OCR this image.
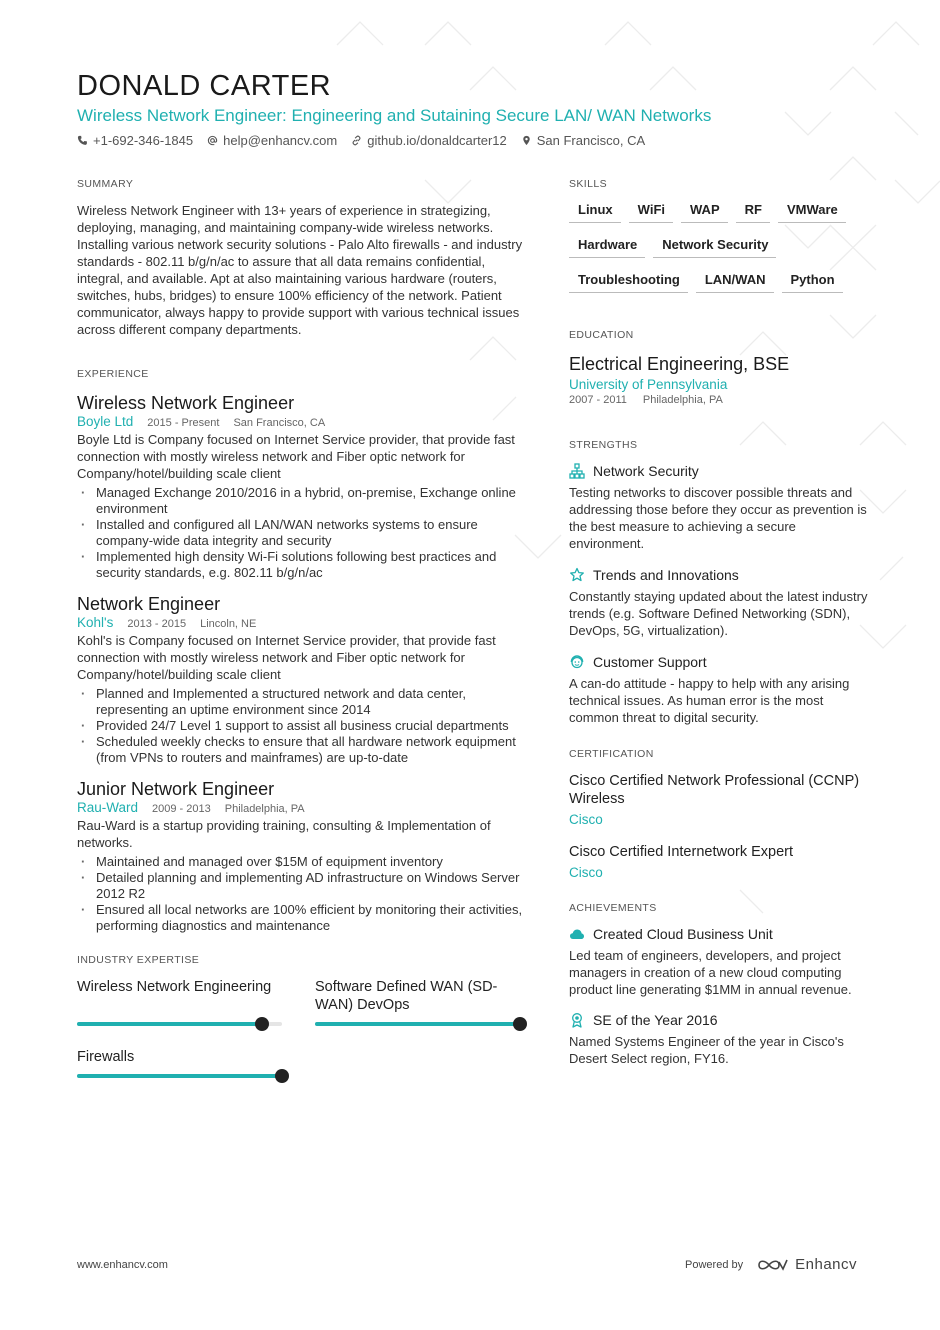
DONALD CARTER
Wireless Network Engineer: Engineering and Sutaining Secure LAN/ WAN Networks
+1-692-346-1845 help@enhancv.com github.io/donaldcarter12 San Francisco, CA
SUMMARY
Wireless Network Engineer with 13+ years of experience in strategizing, deploying, managing, and maintaining company-wide wireless networks. Installing various network security solutions - Palo Alto firewalls - and industry standards - 802.11 b/g/n/ac to assure that all data remains confidential, integral, and available. Apt at also maintaining various hardware (routers, switches, hubs, bridges) to ensure 100% efficiency of the network. Patient communicator, always happy to provide support with various technical issues across different company departments.
EXPERIENCE
Wireless Network Engineer
Boyle Ltd 2015 - Present San Francisco, CA
Boyle Ltd is Company focused on Internet Service provider, that provide fast connection with mostly wireless network and Fiber optic network for Company/hotel/building scale client
· Managed Exchange 2010/2016 in a hybrid, on-premise, Exchange online environment
· Installed and configured all LAN/WAN networks systems to ensure company-wide data integrity and security
· Implemented high density Wi-Fi solutions following best practices and security standards, e.g. 802.11 b/g/n/ac
Network Engineer
Kohl's 2013 - 2015 Lincoln, NE
Kohl's is Company focused on Internet Service provider, that provide fast connection with mostly wireless network and Fiber optic network for Company/hotel/building scale client
· Planned and Implemented a structured network and data center, representing an uptime environment since 2014
· Provided 24/7 Level 1 support to assist all business crucial departments
· Scheduled weekly checks to ensure that all hardware network equipment (from VPNs to routers and mainframes) are up-to-date
Junior Network Engineer
Rau-Ward 2009 - 2013 Philadelphia, PA
Rau-Ward is a startup providing training, consulting & Implementation of networks.
· Maintained and managed over $15M of equipment inventory
· Detailed planning and implementing AD infrastructure on Windows Server 2012 R2
· Ensured all local networks are 100% efficient by monitoring their activities, performing diagnostics and maintenance
INDUSTRY EXPERTISE
Wireless Network Engineering	Software Defined WAN (SD-WAN) DevOps
Firewalls
SKILLS
Linux	WiFi	WAP	RF	VMWare
Hardware	Network Security
Troubleshooting	LAN/WAN	Python
EDUCATION
Electrical Engineering, BSE
University of Pennsylvania
2007 - 2011 Philadelphia, PA
STRENGTHS
Network Security
Testing networks to discover possible threats and addressing those before they occur as prevention is the best measure to achieving a secure environment.
Trends and Innovations
Constantly staying updated about the latest industry trends (e.g. Software Defined Networking (SDN), DevOps, 5G, virtualization).
Customer Support
A can-do attitude - happy to help with any arising technical issues. As human error is the most common threat to digital security.
CERTIFICATION
Cisco Certified Network Professional (CCNP) Wireless
Cisco
Cisco Certified Internetwork Expert
Cisco
ACHIEVEMENTS
Created Cloud Business Unit
Led team of engineers, developers, and project managers in creation of a new cloud computing product line generating $1MM in annual revenue.
SE of the Year 2016
Named Systems Engineer of the year in Cisco's Desert Select region, FY16.
www.enhancv.com	Powered by	Enhancv
